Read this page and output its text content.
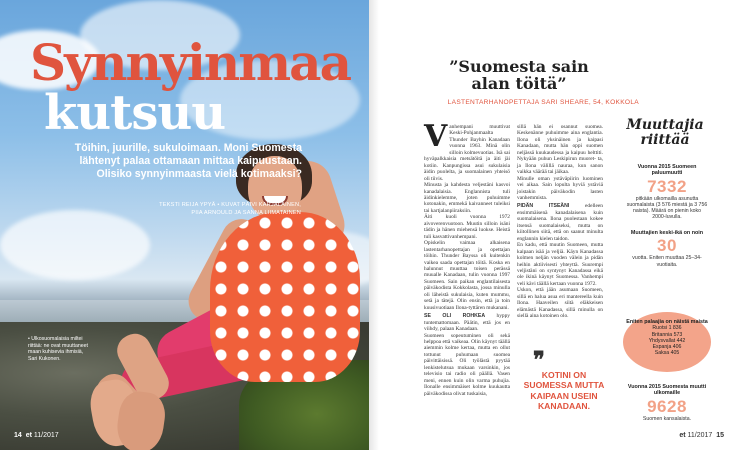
Synnyinmaa
kutsuu
Töihin, juurille, sukuloimaan. Moni Suomesta lähtenyt palaa ottamaan mittaa kaipuustaan. Olisiko synnyinmaasta vielä kotimaaksi?
TEKSTI REIJA YPYÄ • KUVAT PÄIVI KARJALAINEN,
PIIA ARNOULD JA SANNA LIIMATAINEN
• Ulkosuomalaisia miltei riittää: ne ovat muuttaneet maan kuhisevia ihmisiä, Sari Kukonen.
14 et 11/2017
”Suomesta sain alan töitä”
LASTENTARHANOPETTAJA SARI SHEARE, 54, KOKKOLA
V anhempani muuttivat Keski-Pohjanmaalta Thunder Bayhin Kanadaan vuonna 1963. Minä olin silloin kolmevuotias. Isä sai hyväpalkkaisia metsätöitä ja äiti jäi kotiin. Kanpungissa asui sukulaisia äidin puolelta, ja suomalainen yhteisö oli tiivis.

Minusta ja kahdesta veljestäni kasvoi kanadalaisia. Englannista tuli äidinkielemme, joten puhuimme kotonakin, emmekä kaivanneet tuleiksi tai kartjalanpiiraksiin.

Äiti kuoli vuonna 1972 aivoverenvuotoon. Muutin silloin isäni tädin ja hänen miehensä luokse. Heistä tuli kasvattivanhempani.

Opiskelin vaimaa alkaisena lastentarhanopettajan ja opettajan töihin. Thunder Bayssa oli kuitenkin vaikea saada opettajan töitä. Koska en halunnut muuttaa toisen perässä muualle Kanadaan, tulin vuonna 1997 Suomeen. Sain paikan englantilaisesta päiväkodista Kokkolasta, jossa minulla oli läheistä sukulaisia, kuten mummu, setä ja tätejä. Olin ensin, että ja toin kuusivuotiaan Ilona-tyttären mukanani.

SE OLI ROHKEA hyppy tuntemattomaan. Päätin, että jos en viihdy, palaan Kanadaan.

Suomeen sopeutuminen oli sekä helppoa että vaikeaa. Olin käynyt täällä aiemmin kolme kertaa, mutta en ollut tottunut puhumaan suomea päivittäisissä. Oli työlästä pyytää lenkistelutsua mukaan varsinkin, jos televisio tai radio oli päällä. Vasen meni, ennen kuin olin varma puhujia. Ilonalle ensimmäiset kolme kuukautta päiväkodissa olivat tuskaisia,

sillä hän ei osannut suomea. Keskenänne puhuimme aina englantia. Ilona oli yksinäinen ja kaipasi Kanadaan, mutta hän oppi suomen neljässä kuukaudessa ja kaipuu helttiti. Nykyään puhun Leskipirun muoret- ta, ja Ilona välillä nauraa, kun sanon vaikka väärää tai jäikaa.

Minulle oman ystäväpiirin luominen vei aikaa. Sain lopulta hyviä ystäviä joistakin päiväkodin lasten vanhemmista.

PIDÄN ITSEÄNI	edelleen ensimmäisenä kanadalaisena kuin suomalaisena. Ilona puolestaan kokee itsensä suomalaiseksi, mutta on kiitollinen siitä, että on saanut minulta englannin kielen taidon.

En kadu, että muutin Suomeen, mutta kaipaan isää ja veljiä. Käyn Kanadassa kolmen neljän vuoden välein ja pidän heihin aktiivisesti yhteyttä. Suurempi veljistäni on syntynyt Kanadassa eikä ole ikinä käynyt Suomessa. Vanhempi veli kävi täällä kertaan vuonna 1972.

Uskon, että jään asumaan Suomeen, sillä en halua asua eri mantereella kuin Ilona. Haaveilen siitä eläkkeisen elämästä Kanadassa, sillä minulla on siellä aina kotoinen olo.

❞
KOTINI ON SUOMESSA MUTTA KAIPAAN USEIN KANADAAN.
Muuttajia
riittää
Vuonna 2015 Suomeen paluumuutti
7332
pitkään ulkomailla asunutta suomalaista (3 576 miestä ja 3 756 naista). Määrä on pienin koko 2000-luvulla.
Muuttajien keski-ikä on noin
30
vuotta. Eniten muuttaa 25–34-vuotiaita.
Eniten palaajia on näistä maista
Ruotsi 1 836
Britannia 573
Yhdysvallat 442
Espanja 406
Saksa 405
Vuonna 2015 Suomesta muutti ulkomaille
9628
Suomen kansalaista.
et 11/2017 15
